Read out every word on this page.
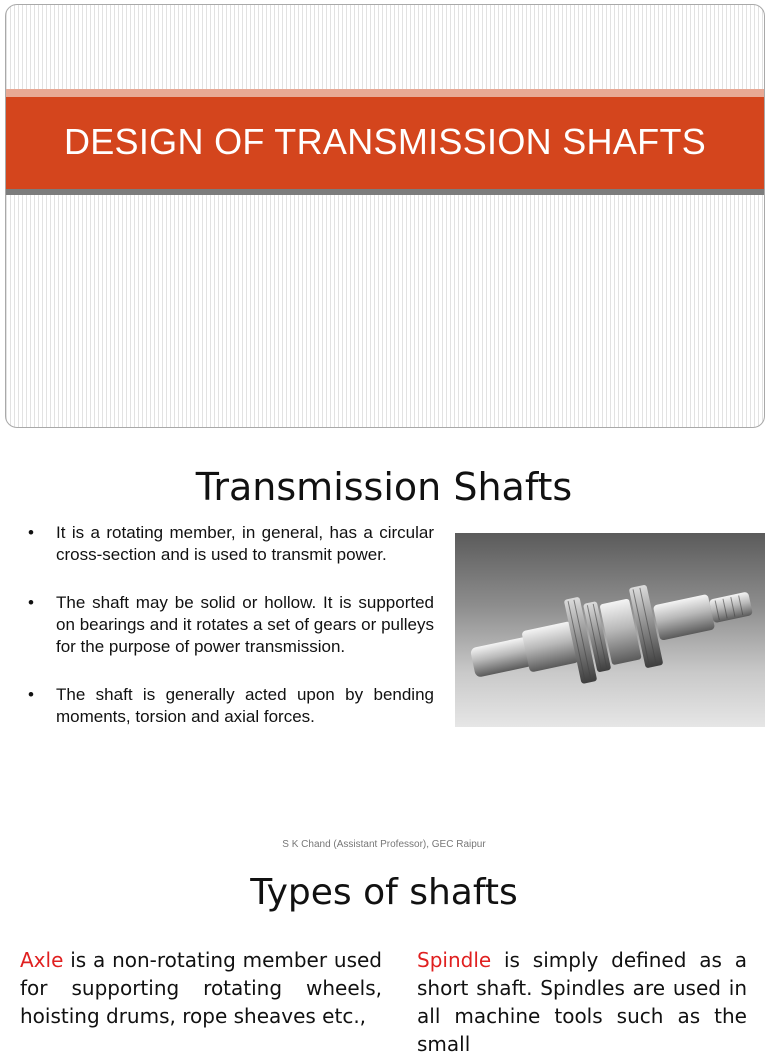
DESIGN OF TRANSMISSION SHAFTS
Transmission Shafts
• It is a rotating member, in general, has a circular cross-section and is used to transmit power.
• The shaft may be solid or hollow. It is supported on bearings and it rotates a set of gears or pulleys for the purpose of power transmission.
• The shaft is generally acted upon by bending moments, torsion and axial forces.
S K Chand (Assistant Professor), GEC Raipur
Types of shafts
Axle is a non-rotating member used for supporting rotating wheels, hoisting drums, rope sheaves etc.,
Spindle is simply defined as a short shaft. Spindles are used in all machine tools such as the small
